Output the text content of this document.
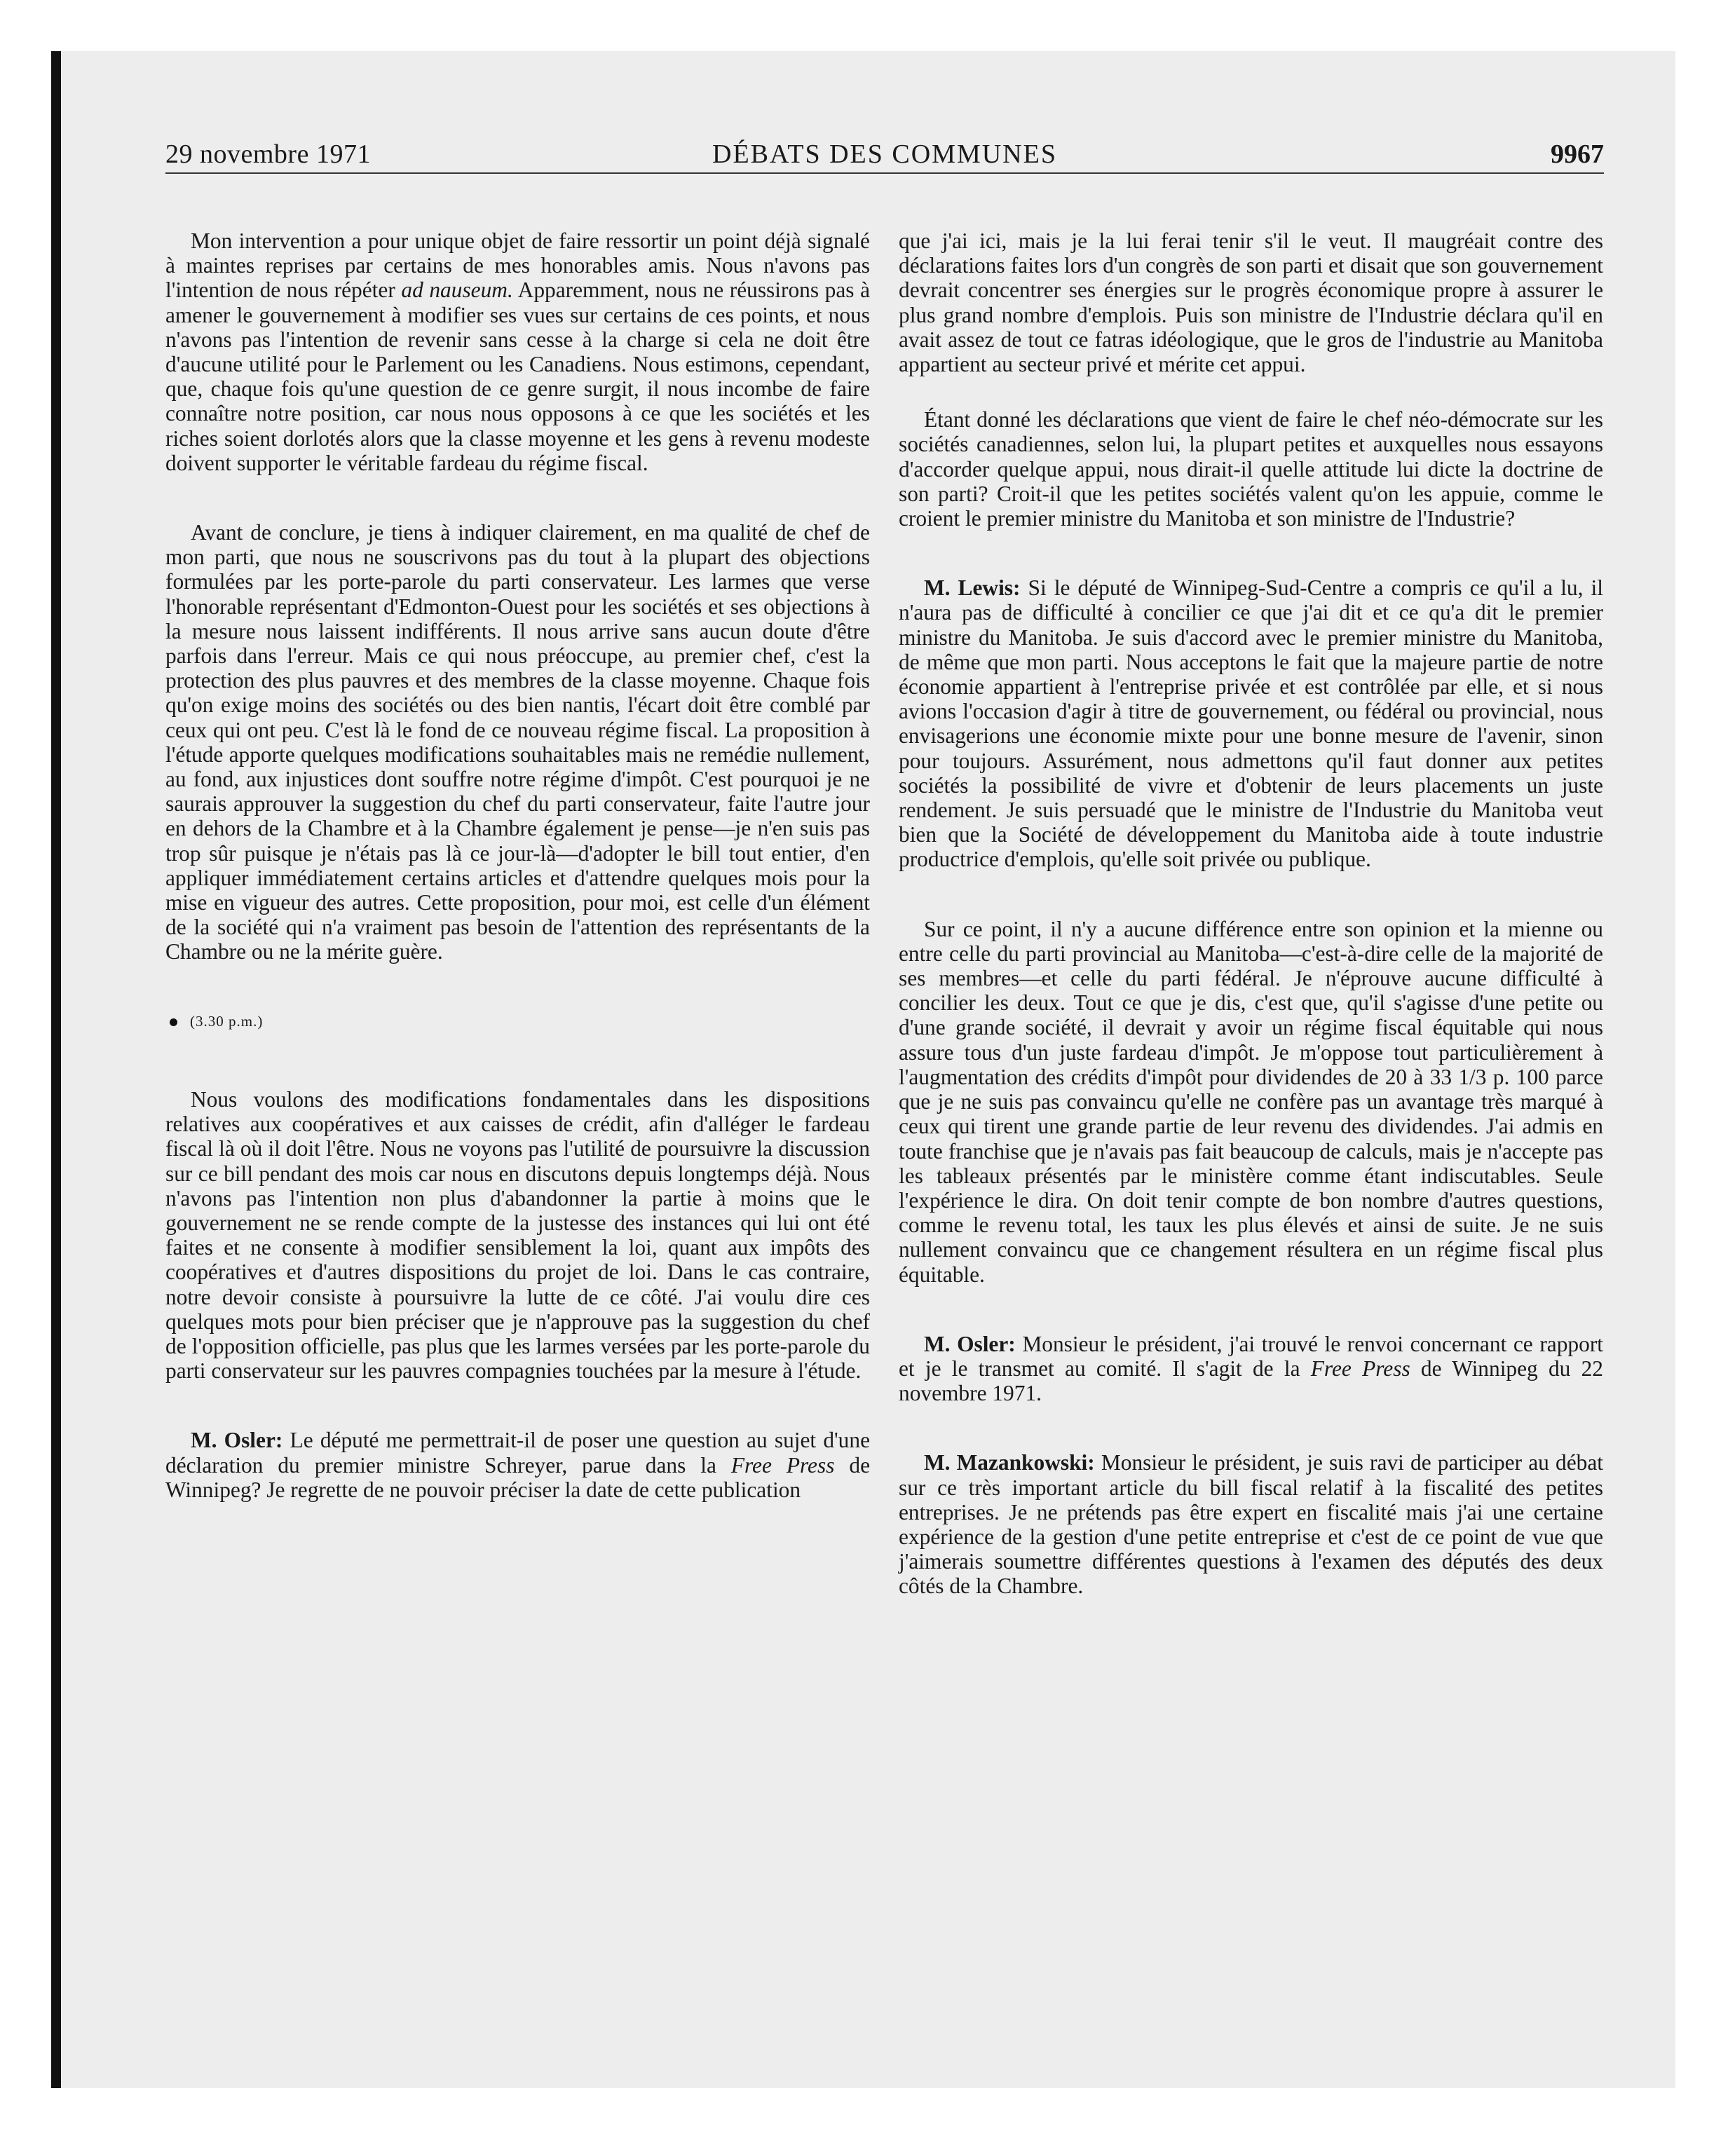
29 novembre 1971	DÉBATS DES COMMUNES	9967

Mon intervention a pour unique objet de faire ressortir un point déjà signalé à maintes reprises par certains de mes honorables amis. Nous n'avons pas l'intention de nous répéter ad nauseum. Apparemment, nous ne réussirons pas à amener le gouvernement à modifier ses vues sur certains de ces points, et nous n'avons pas l'intention de revenir sans cesse à la charge si cela ne doit être d'aucune utilité pour le Parlement ou les Canadiens. Nous estimons, cependant, que, chaque fois qu'une question de ce genre surgit, il nous incombe de faire connaître notre position, car nous nous opposons à ce que les sociétés et les riches soient dorlotés alors que la classe moyenne et les gens à revenu modeste doivent supporter le véritable fardeau du régime fiscal.

Avant de conclure, je tiens à indiquer clairement, en ma qualité de chef de mon parti, que nous ne souscrivons pas du tout à la plupart des objections formulées par les porte-parole du parti conservateur. Les larmes que verse l'honorable représentant d'Edmonton-Ouest pour les sociétés et ses objections à la mesure nous laissent indifférents. Il nous arrive sans aucun doute d'être parfois dans l'erreur. Mais ce qui nous préoccupe, au premier chef, c'est la protection des plus pauvres et des membres de la classe moyenne. Chaque fois qu'on exige moins des sociétés ou des bien nantis, l'écart doit être comblé par ceux qui ont peu. C'est là le fond de ce nouveau régime fiscal. La proposition à l'étude apporte quelques modifications souhaitables mais ne remédie nullement, au fond, aux injustices dont souffre notre régime d'impôt. C'est pourquoi je ne saurais approuver la suggestion du chef du parti conservateur, faite l'autre jour en dehors de la Chambre et à la Chambre également je pense—je n'en suis pas trop sûr puisque je n'étais pas là ce jour-là—d'adopter le bill tout entier, d'en appliquer immédiatement certains articles et d'attendre quelques mois pour la mise en vigueur des autres. Cette proposition, pour moi, est celle d'un élément de la société qui n'a vraiment pas besoin de l'attention des représentants de la Chambre ou ne la mérite guère.

(3.30 p.m.)

Nous voulons des modifications fondamentales dans les dispositions relatives aux coopératives et aux caisses de crédit, afin d'alléger le fardeau fiscal là où il doit l'être. Nous ne voyons pas l'utilité de poursuivre la discussion sur ce bill pendant des mois car nous en discutons depuis longtemps déjà. Nous n'avons pas l'intention non plus d'abandonner la partie à moins que le gouvernement ne se rende compte de la justesse des instances qui lui ont été faites et ne consente à modifier sensiblement la loi, quant aux impôts des coopératives et d'autres dispositions du projet de loi. Dans le cas contraire, notre devoir consiste à poursuivre la lutte de ce côté. J'ai voulu dire ces quelques mots pour bien préciser que je n'approuve pas la suggestion du chef de l'opposition officielle, pas plus que les larmes versées par les porte-parole du parti conservateur sur les pauvres compagnies touchées par la mesure à l'étude.

M. Osler: Le député me permettrait-il de poser une question au sujet d'une déclaration du premier ministre Schreyer, parue dans la Free Press de Winnipeg? Je regrette de ne pouvoir préciser la date de cette publication

que j'ai ici, mais je la lui ferai tenir s'il le veut. Il maugréait contre des déclarations faites lors d'un congrès de son parti et disait que son gouvernement devrait concentrer ses énergies sur le progrès économique propre à assurer le plus grand nombre d'emplois. Puis son ministre de l'Industrie déclara qu'il en avait assez de tout ce fatras idéologique, que le gros de l'industrie au Manitoba appartient au secteur privé et mérite cet appui.

Étant donné les déclarations que vient de faire le chef néo-démocrate sur les sociétés canadiennes, selon lui, la plupart petites et auxquelles nous essayons d'accorder quelque appui, nous dirait-il quelle attitude lui dicte la doctrine de son parti? Croit-il que les petites sociétés valent qu'on les appuie, comme le croient le premier ministre du Manitoba et son ministre de l'Industrie?

M. Lewis: Si le député de Winnipeg-Sud-Centre a compris ce qu'il a lu, il n'aura pas de difficulté à concilier ce que j'ai dit et ce qu'a dit le premier ministre du Manitoba. Je suis d'accord avec le premier ministre du Manitoba, de même que mon parti. Nous acceptons le fait que la majeure partie de notre économie appartient à l'entreprise privée et est contrôlée par elle, et si nous avions l'occasion d'agir à titre de gouvernement, ou fédéral ou provincial, nous envisagerions une économie mixte pour une bonne mesure de l'avenir, sinon pour toujours. Assurément, nous admettons qu'il faut donner aux petites sociétés la possibilité de vivre et d'obtenir de leurs placements un juste rendement. Je suis persuadé que le ministre de l'Industrie du Manitoba veut bien que la Société de développement du Manitoba aide à toute industrie productrice d'emplois, qu'elle soit privée ou publique.

Sur ce point, il n'y a aucune différence entre son opinion et la mienne ou entre celle du parti provincial au Manitoba—c'est-à-dire celle de la majorité de ses membres—et celle du parti fédéral. Je n'éprouve aucune difficulté à concilier les deux. Tout ce que je dis, c'est que, qu'il s'agisse d'une petite ou d'une grande société, il devrait y avoir un régime fiscal équitable qui nous assure tous d'un juste fardeau d'impôt. Je m'oppose tout particulièrement à l'augmentation des crédits d'impôt pour dividendes de 20 à 33 1/3 p. 100 parce que je ne suis pas convaincu qu'elle ne confère pas un avantage très marqué à ceux qui tirent une grande partie de leur revenu des dividendes. J'ai admis en toute franchise que je n'avais pas fait beaucoup de calculs, mais je n'accepte pas les tableaux présentés par le ministère comme étant indiscutables. Seule l'expérience le dira. On doit tenir compte de bon nombre d'autres questions, comme le revenu total, les taux les plus élevés et ainsi de suite. Je ne suis nullement convaincu que ce changement résultera en un régime fiscal plus équitable.

M. Osler: Monsieur le président, j'ai trouvé le renvoi concernant ce rapport et je le transmet au comité. Il s'agit de la Free Press de Winnipeg du 22 novembre 1971.

M. Mazankowski: Monsieur le président, je suis ravi de participer au débat sur ce très important article du bill fiscal relatif à la fiscalité des petites entreprises. Je ne prétends pas être expert en fiscalité mais j'ai une certaine expérience de la gestion d'une petite entreprise et c'est de ce point de vue que j'aimerais soumettre différentes questions à l'examen des députés des deux côtés de la Chambre.
